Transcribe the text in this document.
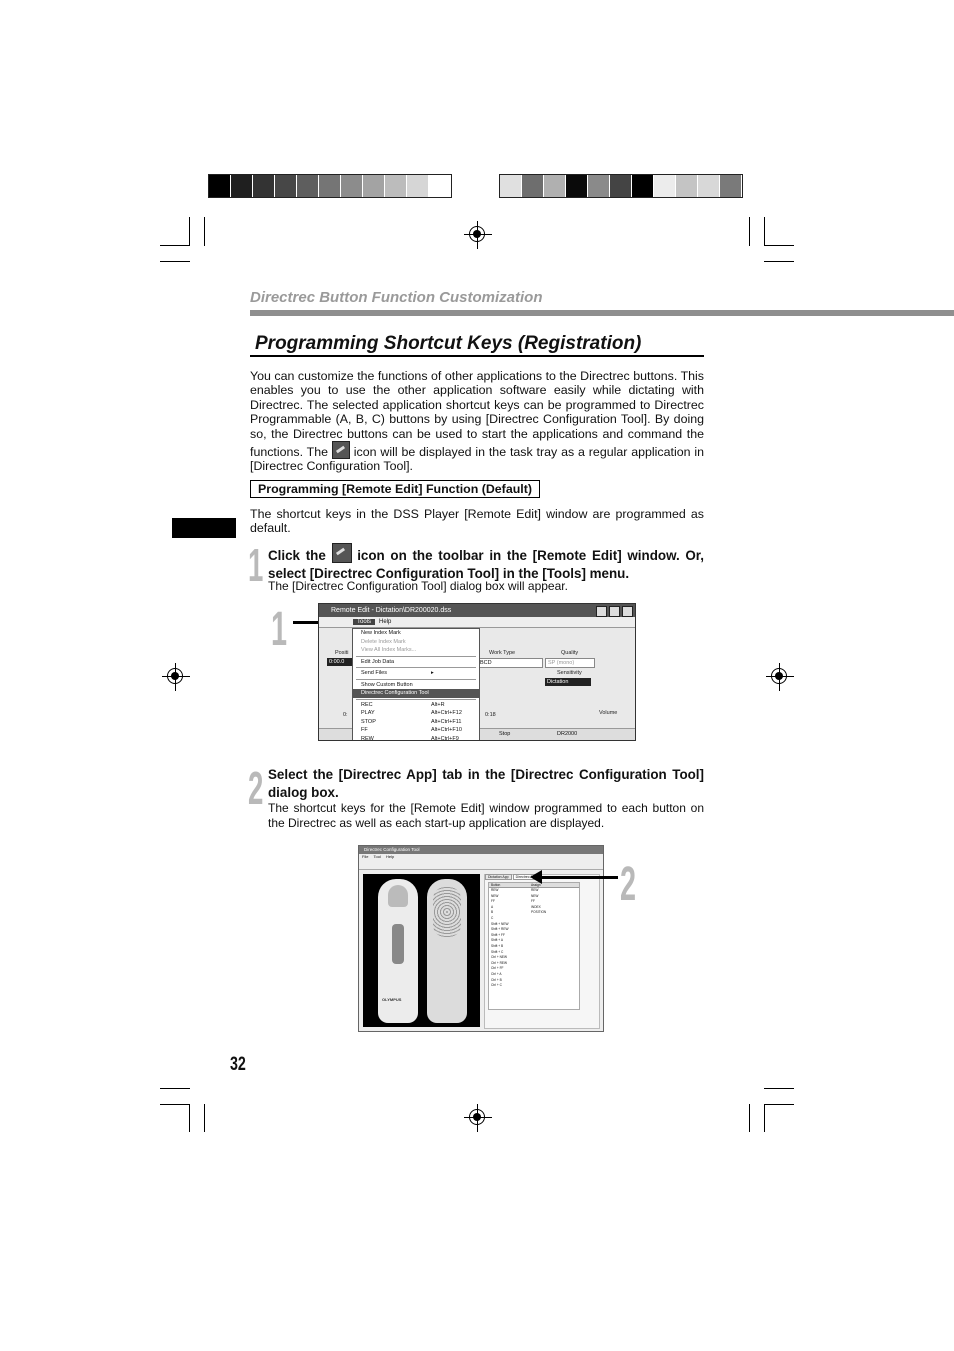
Directrec Button Function Customization
Programming Shortcut Keys (Registration)
You can customize the functions of other applications to the Directrec buttons. This enables you to use the other application software easily while dictating with Directrec. The selected application shortcut keys can be programmed to Directrec Programmable (A, B, C) buttons by using [Directrec Configuration Tool]. By doing so, the Directrec buttons can be used to start the applications and command the functions. The icon will be displayed in the task tray as a regular application in [Directrec Configuration Tool].
Programming [Remote Edit] Function (Default)
The shortcut keys in the DSS Player [Remote Edit] window are programmed as default.
1 Click the icon on the toolbar in the [Remote Edit] window. Or, select [Directrec Configuration Tool] in the [Tools] menu.
The [Directrec Configuration Tool] dialog box will appear.
1	Remote Edit - Dictation\DR200020.dss
Tools Help
Positi
0:00.0
Work Type
BCD
Quality
SP (mono)
Sensitivity
Dictation
Volume
0:	0:18
Stop	DR2000
New Index Mark
Delete Index Mark
View All Index Marks...
Edit Job Data
Send Files	▸
Show Custom Button
Directrec Configuration Tool
REC	Alt+R
PLAY	Alt+Ctrl+F12
STOP	Alt+Ctrl+F11
FF	Alt+Ctrl+F10
REW	Alt+Ctrl+F9
2 Select the [Directrec App] tab in the [Directrec Configuration Tool] dialog box.
The shortcut keys for the [Remote Edit] window programmed to each button on the Directrec as well as each start-up application are displayed.
Directrec Configuration Tool
File Tool Help
OLYMPUS
Dictation App	Directrec App
Button	Assign
REW	REW
NEW	NEW
FF	FF
A	INDEX
B	POSITION
C
Shift + NEW
Shift + REW
Shift + FF
Shift + A
Shift + B
Shift + C
Ctrl + NEW
Ctrl + REW
Ctrl + FF
Ctrl + A
Ctrl + B
Ctrl + C
2
32
